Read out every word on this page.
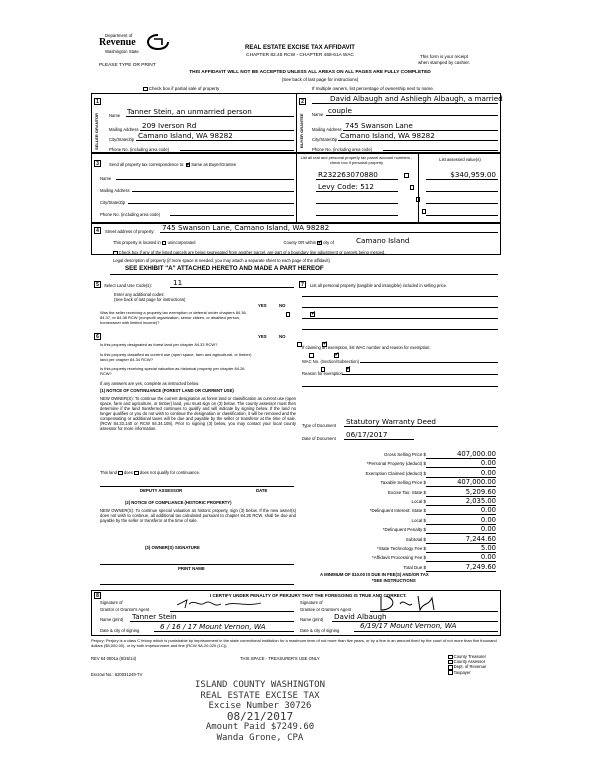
Department of
Revenue
Washington State
PLEASE TYPE OR PRINT
REAL ESTATE EXCISE TAX AFFIDAVIT
CHAPTER 82.45 RCW - CHAPTER 458-61A WAC	This form is your receipt
when stamped by cashier.
THIS AFFIDAVIT WILL NOT BE ACCEPTED UNLESS ALL AREAS ON ALL PAGES ARE FULLY COMPLETED
(See back of last page for instructions)
Check box if partial sale of property	If multiple owners, list percentage of ownership next to name.
1
SELLER GRANTOR Name Tanner Stein, an unmarried person
Mailing Address 209 Iverson Rd
City/State/Zip Camano Island, WA 98282
Phone No. (including area code)
2
BUYER GRANTEE
David Albaugh and Ashliegh Albaugh, a married
Name couple
Mailing Address 745 Swanson Lane
City/State/Zip Camano Island, WA 98282
Phone No. (including area code)
3	Send all property tax correspondence to: ✓ Same as Buyer/Grantee
Name
Mailing Address
City/State/Zip
Phone No. (including area code)
List all real and personal property tax parcel account numbers - check box if personal property
List assessed value(s)
R232263070880
	$340,959.00
Levy Code: 512

4	Street address of property: 745 Swanson Lane, Camano Island, WA 98282
This property is located in unincorporated	County OR within ✓ city of	Camano Island
Check box if any of the listed parcels are being segregated from another parcel, are part of a boundary line adjustment or parcels being merged.
Legal description of property (if more space is needed, you may attach a separate sheet to each page of the affidavit)
SEE EXHIBIT "A" ATTACHED HERETO AND MADE A PART HEREOF
5	Select Land Use Code(s):	11
Enter any additional codes:
(See back of last page for instructions)
YES	NO
Was the seller receiving a property tax exemption or deferral under chapters 84.36, 84.37, or 84.38 RCW (nonprofit organization, senior citizen, or disabled person, homeowner with limited income)?
✓
6	YES	NO
Is this property designated as forest land per chapter 84.33 RCW?
✓
Is this property classified as current use (open space, farm and agricultural, or timber) land per chapter 84.34 RCW?
✓
Is this property receiving special valuation as historical property per chapter 84.26 RCW?
✓
If any answers are yes, complete as instructed below.
(1) NOTICE OF CONTINUANCE (FOREST LAND OR CURRENT USE)

NEW OWNER(S): To continue the current designation as forest land or classification as current use (open space, farm and agriculture, or timber) land, you must sign on (3) below. The county assessor must then determine if the land transferred continues to qualify and will indicate by signing below. If the land no longer qualifies or you do not wish to continue the designation or classification, it will be removed and the compensating or additional taxes will be due and payable by the seller or transferor at the time of sale. (RCW 84.33.140 or RCW 84.34.108). Prior to signing (3) below, you may contact your local county assessor for more information.

This land does does not qualify for continuance.
DEPUTY ASSESSOR	DATE
(2) NOTICE OF COMPLIANCE (HISTORIC PROPERTY)

NEW OWNER(S): To continue special valuation as historic property, sign (3) below. If the new owner(s) does not wish to continue, all additional tax calculated pursuant to chapter 84.26 RCW, shall be due and payable by the seller or transferor at the time of sale.

(3) OWNER(S) SIGNATURE
PRINT NAME
7	List all personal property (tangible and intangible) included in selling price.
If claiming an exemption, list WAC number and reason for exemption:
WAC No. (Section/Subsection)
Reason for exemption
Type of Document Statutory Warranty Deed
Date of Document 06/17/2017
Gross Selling Price $	407,000.00
*Personal Property (deduct) $	0.00
Exemption Claimed (deduct) $	0.00
Taxable Selling Price $	407,000.00
Excise Tax: State $	5,209.60
Local $	2,035.00
*Delinquent Interest: State $	0.00
Local $	0.00
*Delinquent Penalty $	0.00
Subtotal $	7,244.60
*State Technology Fee $	5.00
*Affidavit Processing Fee $	0.00
Total Due $	7,249.60
A MINIMUM OF $10.00 IS DUE IN FEE(S) AND/OR TAX
*SEE INSTRUCTIONS
8	I CERTIFY UNDER PENALTY OF PERJURY THAT THE FOREGOING IS TRUE AND CORRECT.
Signature of
Grantor or Grantor's Agent
Name (print) Tanner Stein
Date & city of signing	6 / 16 / 17 Mount Vernon, WA
Signature of
Grantee or Grantee's Agent
Name (print) David Albaugh
Date & city of signing
6/19/17 Mount Vernon, WA

Perjury: Perjury is a class C felony which is punishable by imprisonment in the state correctional institution for a maximum term of not more than five years, or by a fine in an amount fixed by the court of not more than five thousand dollars ($5,000.00), or by both imprisonment and fine (RCW 9A.20.020 (1C)).

REV 84 0001a (8/26/14)	THIS SPACE - TREASURER'S USE ONLY
Escrow No.: 620031249-TV
County Treasurer
County Assessor
Dept. of Revenue
Taxpayer
ISLAND COUNTY WASHINGTON
REAL ESTATE EXCISE TAX
Excise Number 30726
08/21/2017
Amount Paid $7249.60
Wanda Grone, CPA
